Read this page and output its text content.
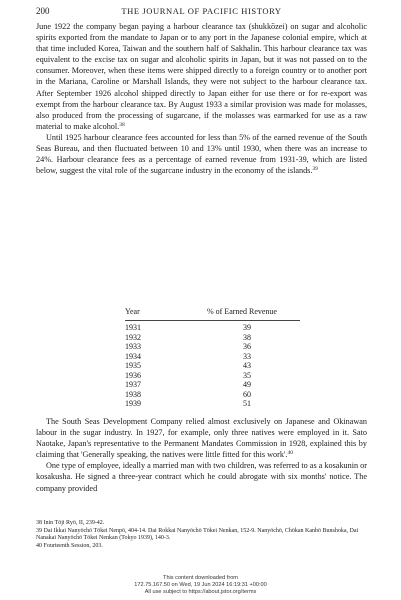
200	THE JOURNAL OF PACIFIC HISTORY

June 1922 the company began paying a harbour clearance tax (shukkōzei) on sugar and alcoholic spirits exported from the mandate to Japan or to any port in the Japanese colonial empire, which at that time included Korea, Taiwan and the southern half of Sakhalin. This harbour clearance tax was equivalent to the excise tax on sugar and alcoholic spirits in Japan, but it was not passed on to the consumer. Moreover, when these items were shipped directly to a foreign country or to another port in the Mariana, Caroline or Marshall Islands, they were not subject to the harbour clearance tax. After September 1926 alcohol shipped directly to Japan either for use there or for re-export was exempt from the harbour clearance tax. By August 1933 a similar provision was made for molasses, also produced from the processing of sugarcane, if the molasses was earmarked for use as a raw material to make alcohol.$^{38}$

Until 1925 harbour clearance fees accounted for less than 5% of the earned revenue of the South Seas Bureau, and then fluctuated between 10 and 13% until 1930, when there was an increase to 24%. Harbour clearance fees as a percentage of earned revenue from 1931-39, which are listed below, suggest the vital role of the sugarcane industry in the economy of the islands.$^{39}$

Year	% of Earned Revenue
1931	39
1932	38
1933	36
1934	33
1935	43
1936	35
1937	49
1938	60
1939	51

The South Seas Development Company relied almost exclusively on Japanese and Okinawan labour in the sugar industry. In 1927, for example, only three natives were employed in it. Sato Naotake, Japan's representative to the Permanent Mandates Commission in 1928, explained this by claiming that 'Generally speaking, the natives were little fitted for this work'.$^{40}$

One type of employee, ideally a married man with two children, was referred to as a kosakunin or kosakusha. He signed a three-year contract which he could abrogate with six months' notice. The company provided

38 Inin Tōji Ryō, II, 239-42.
39 Dai Ikkai Nanyōchō Tōkei Nenpō, 404-14. Dai Rokkai Nanyōchō Tōkei Nenkan, 152-9. Nanyōchō, Chōkan Kanbō Bunshoka, Dai Nanakai Nanyōchō Tōkei Nenkan (Tokyo 1939), 140-3.
40 Fourteenth Session, 203.
This content downloaded from
172.75.167.50 on Wed, 19 Jun 2024 16:19:31 +00:00
All use subject to https://about.jstor.org/terms
